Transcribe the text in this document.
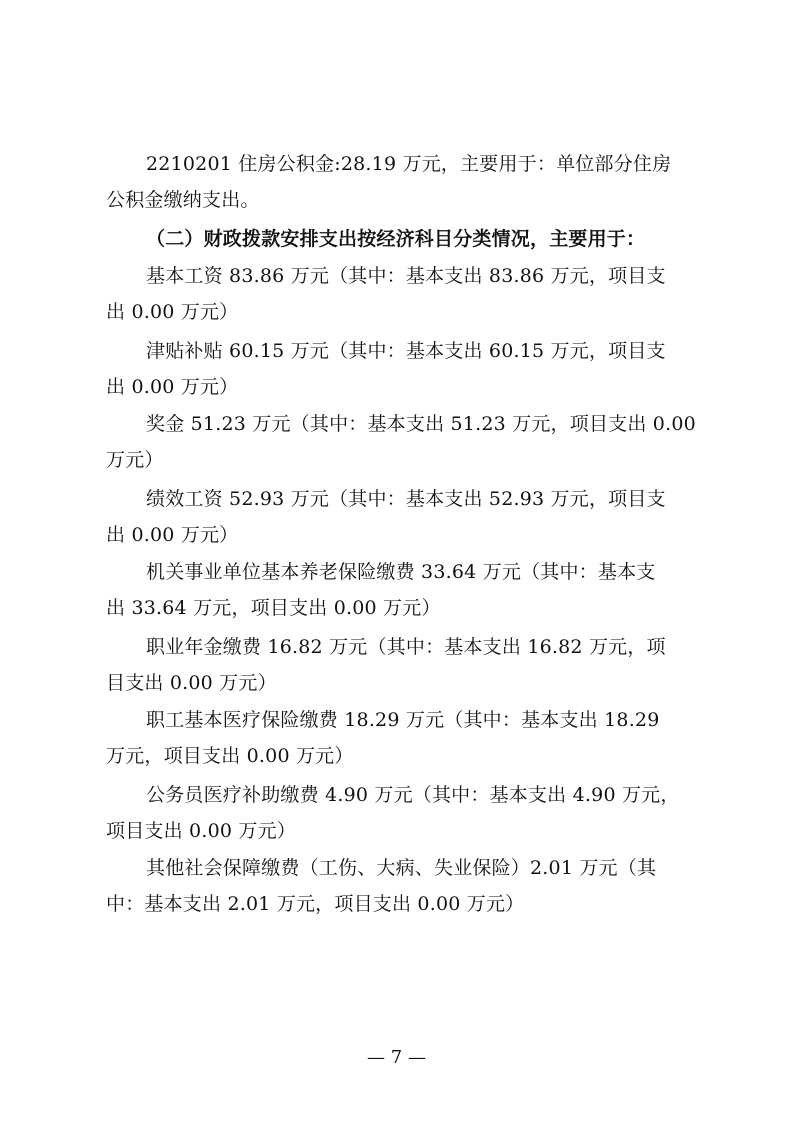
2210201 住房公积金:28.19 万元，主要用于：单位部分住房
公积金缴纳支出。
（二）财政拨款安排支出按经济科目分类情况，主要用于：
基本工资 83.86 万元（其中：基本支出 83.86 万元，项目支
出 0.00 万元）
津贴补贴 60.15 万元（其中：基本支出 60.15 万元，项目支
出 0.00 万元）
奖金 51.23 万元（其中：基本支出 51.23 万元，项目支出 0.00
万元）
绩效工资 52.93 万元（其中：基本支出 52.93 万元，项目支
出 0.00 万元）
机关事业单位基本养老保险缴费 33.64 万元（其中：基本支
出 33.64 万元，项目支出 0.00 万元）
职业年金缴费 16.82 万元（其中：基本支出 16.82 万元，项
目支出 0.00 万元）
职工基本医疗保险缴费 18.29 万元（其中：基本支出 18.29
万元，项目支出 0.00 万元）
公务员医疗补助缴费 4.90 万元（其中：基本支出 4.90 万元，
项目支出 0.00 万元）
其他社会保障缴费（工伤、大病、失业保险）2.01 万元（其
中：基本支出 2.01 万元，项目支出 0.00 万元）
— 7 —
